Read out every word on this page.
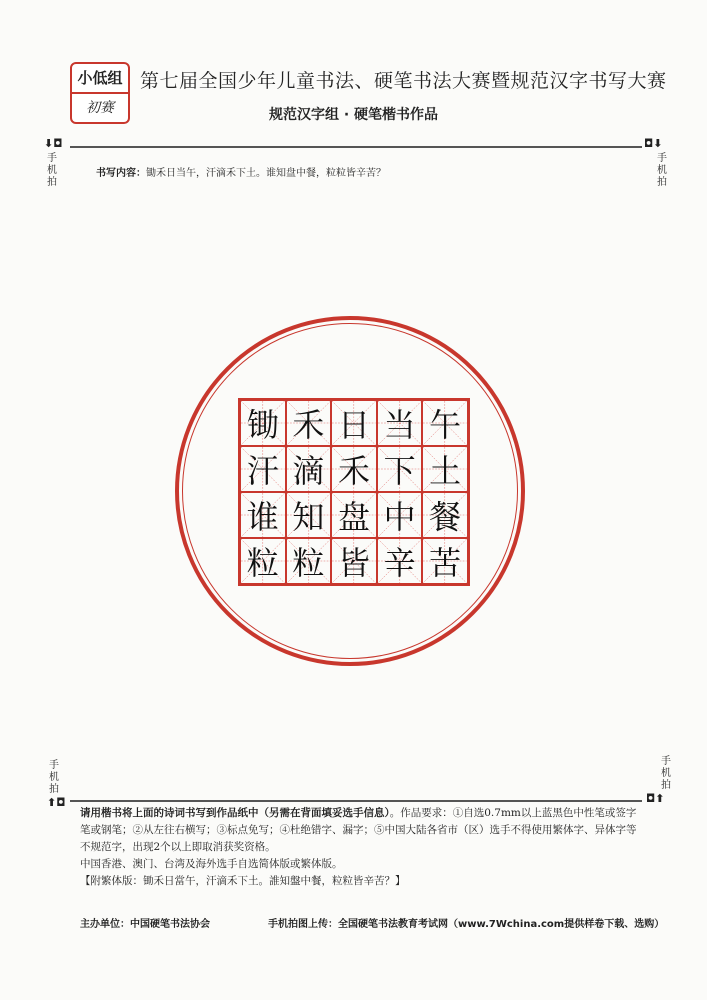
小低组
初赛
第七届全国少年儿童书法、硬笔书法大赛暨规范汉字书写大赛
规范汉字组 · 硬笔楷书作品
⬇◘	◘⬇
手机拍
手机拍
书写内容：锄禾日当午，汗滴禾下土。谁知盘中餐，粒粒皆辛苦？
锄 禾 日 当 午
汗 滴 禾 下 土
谁 知 盘 中 餐
粒 粒 皆 辛 苦
手机拍
手机拍
⬆◘	◘⬆
请用楷书将上面的诗词书写到作品纸中（另需在背面填妥选手信息）。作品要求：①自选0.7mm以上蓝黑色中性笔或签字笔或钢笔；②从左往右横写；③标点免写；④杜绝错字、漏字；⑤中国大陆各省市（区）选手不得使用繁体字、异体字等不规范字，出现2个以上即取消获奖资格。
中国香港、澳门、台湾及海外选手自选简体版或繁体版。
【附繁体版：锄禾日當午，汗滴禾下土。誰知盤中餐，粒粒皆辛苦？】
主办单位：中国硬笔书法协会	手机拍图上传：全国硬笔书法教育考试网（www.7Wchina.com提供样卷下载、选购）
